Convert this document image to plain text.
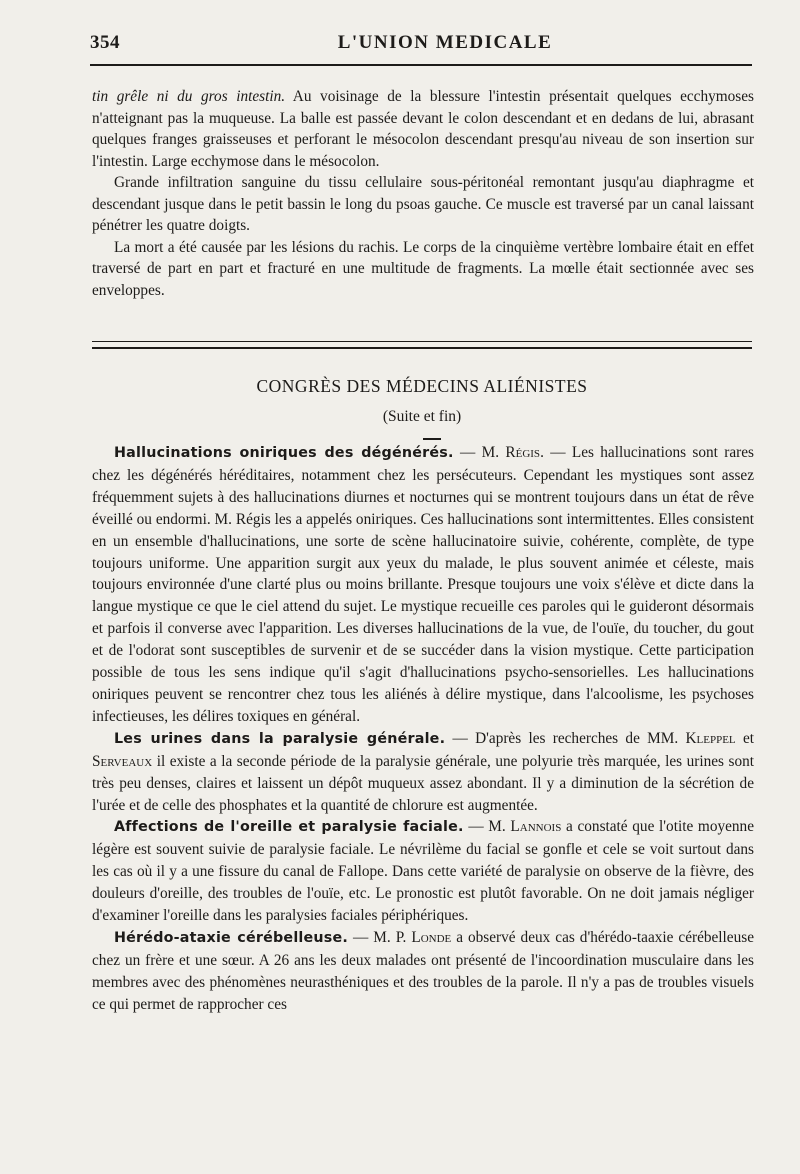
354	L'UNION MEDICALE

tin grêle ni du gros intestin. Au voisinage de la blessure l'intestin présentait quelques ecchymoses n'atteignant pas la muqueuse. La balle est passée devant le colon descendant et en dedans de lui, abrasant quelques franges graisseuses et perforant le mésocolon descendant presqu'au niveau de son insertion sur l'intestin. Large ecchymose dans le mésocolon.

Grande infiltration sanguine du tissu cellulaire sous-péritonéal remontant jusqu'au diaphragme et descendant jusque dans le petit bassin le long du psoas gauche. Ce muscle est traversé par un canal laissant pénétrer les quatre doigts.

La mort a été causée par les lésions du rachis. Le corps de la cinquième vertèbre lombaire était en effet traversé de part en part et fracturé en une multitude de fragments. La mœlle était sectionnée avec ses enveloppes.

CONGRÈS DES MÉDECINS ALIÉNISTES
(Suite et fin)

Hallucinations oniriques des dégénérés. — M. Régis. — Les hallucinations sont rares chez les dégénérés héréditaires, notamment chez les persécuteurs. Cependant les mystiques sont assez fréquemment sujets à des hallucinations diurnes et nocturnes qui se montrent toujours dans un état de rêve éveillé ou endormi. M. Régis les a appelés oniriques. Ces hallucinations sont intermittentes. Elles consistent en un ensemble d'hallucinations, une sorte de scène hallucinatoire suivie, cohérente, complète, de type toujours uniforme. Une apparition surgit aux yeux du malade, le plus souvent animée et céleste, mais toujours environnée d'une clarté plus ou moins brillante. Presque toujours une voix s'élève et dicte dans la langue mystique ce que le ciel attend du sujet. Le mystique recueille ces paroles qui le guideront désormais et parfois il converse avec l'apparition. Les diverses hallucinations de la vue, de l'ouïe, du toucher, du gout et de l'odorat sont susceptibles de survenir et de se succéder dans la vision mystique. Cette participation possible de tous les sens indique qu'il s'agit d'hallucinations psycho-sensorielles. Les hallucinations oniriques peuvent se rencontrer chez tous les aliénés à délire mystique, dans l'alcoolisme, les psychoses infectieuses, les délires toxiques en général.

Les urines dans la paralysie générale. — D'après les recherches de MM. Kleppel et Serveaux il existe a la seconde période de la paralysie générale, une polyurie très marquée, les urines sont très peu denses, claires et laissent un dépôt muqueux assez abondant. Il y a diminution de la sécrétion de l'urée et de celle des phosphates et la quantité de chlorure est augmentée.

Affections de l'oreille et paralysie faciale. — M. Lannois a constaté que l'otite moyenne légère est souvent suivie de paralysie faciale. Le névrilème du facial se gonfle et cele se voit surtout dans les cas où il y a une fissure du canal de Fallope. Dans cette variété de paralysie on observe de la fièvre, des douleurs d'oreille, des troubles de l'ouïe, etc. Le pronostic est plutôt favorable. On ne doit jamais négliger d'examiner l'oreille dans les paralysies faciales périphériques.

Hérédo-ataxie cérébelleuse. — M. P. Londe a observé deux cas d'hérédo-taaxie cérébelleuse chez un frère et une sœur. A 26 ans les deux malades ont présenté de l'incoordination musculaire dans les membres avec des phénomènes neurasthéniques et des troubles de la parole. Il n'y a pas de troubles visuels ce qui permet de rapprocher ces
